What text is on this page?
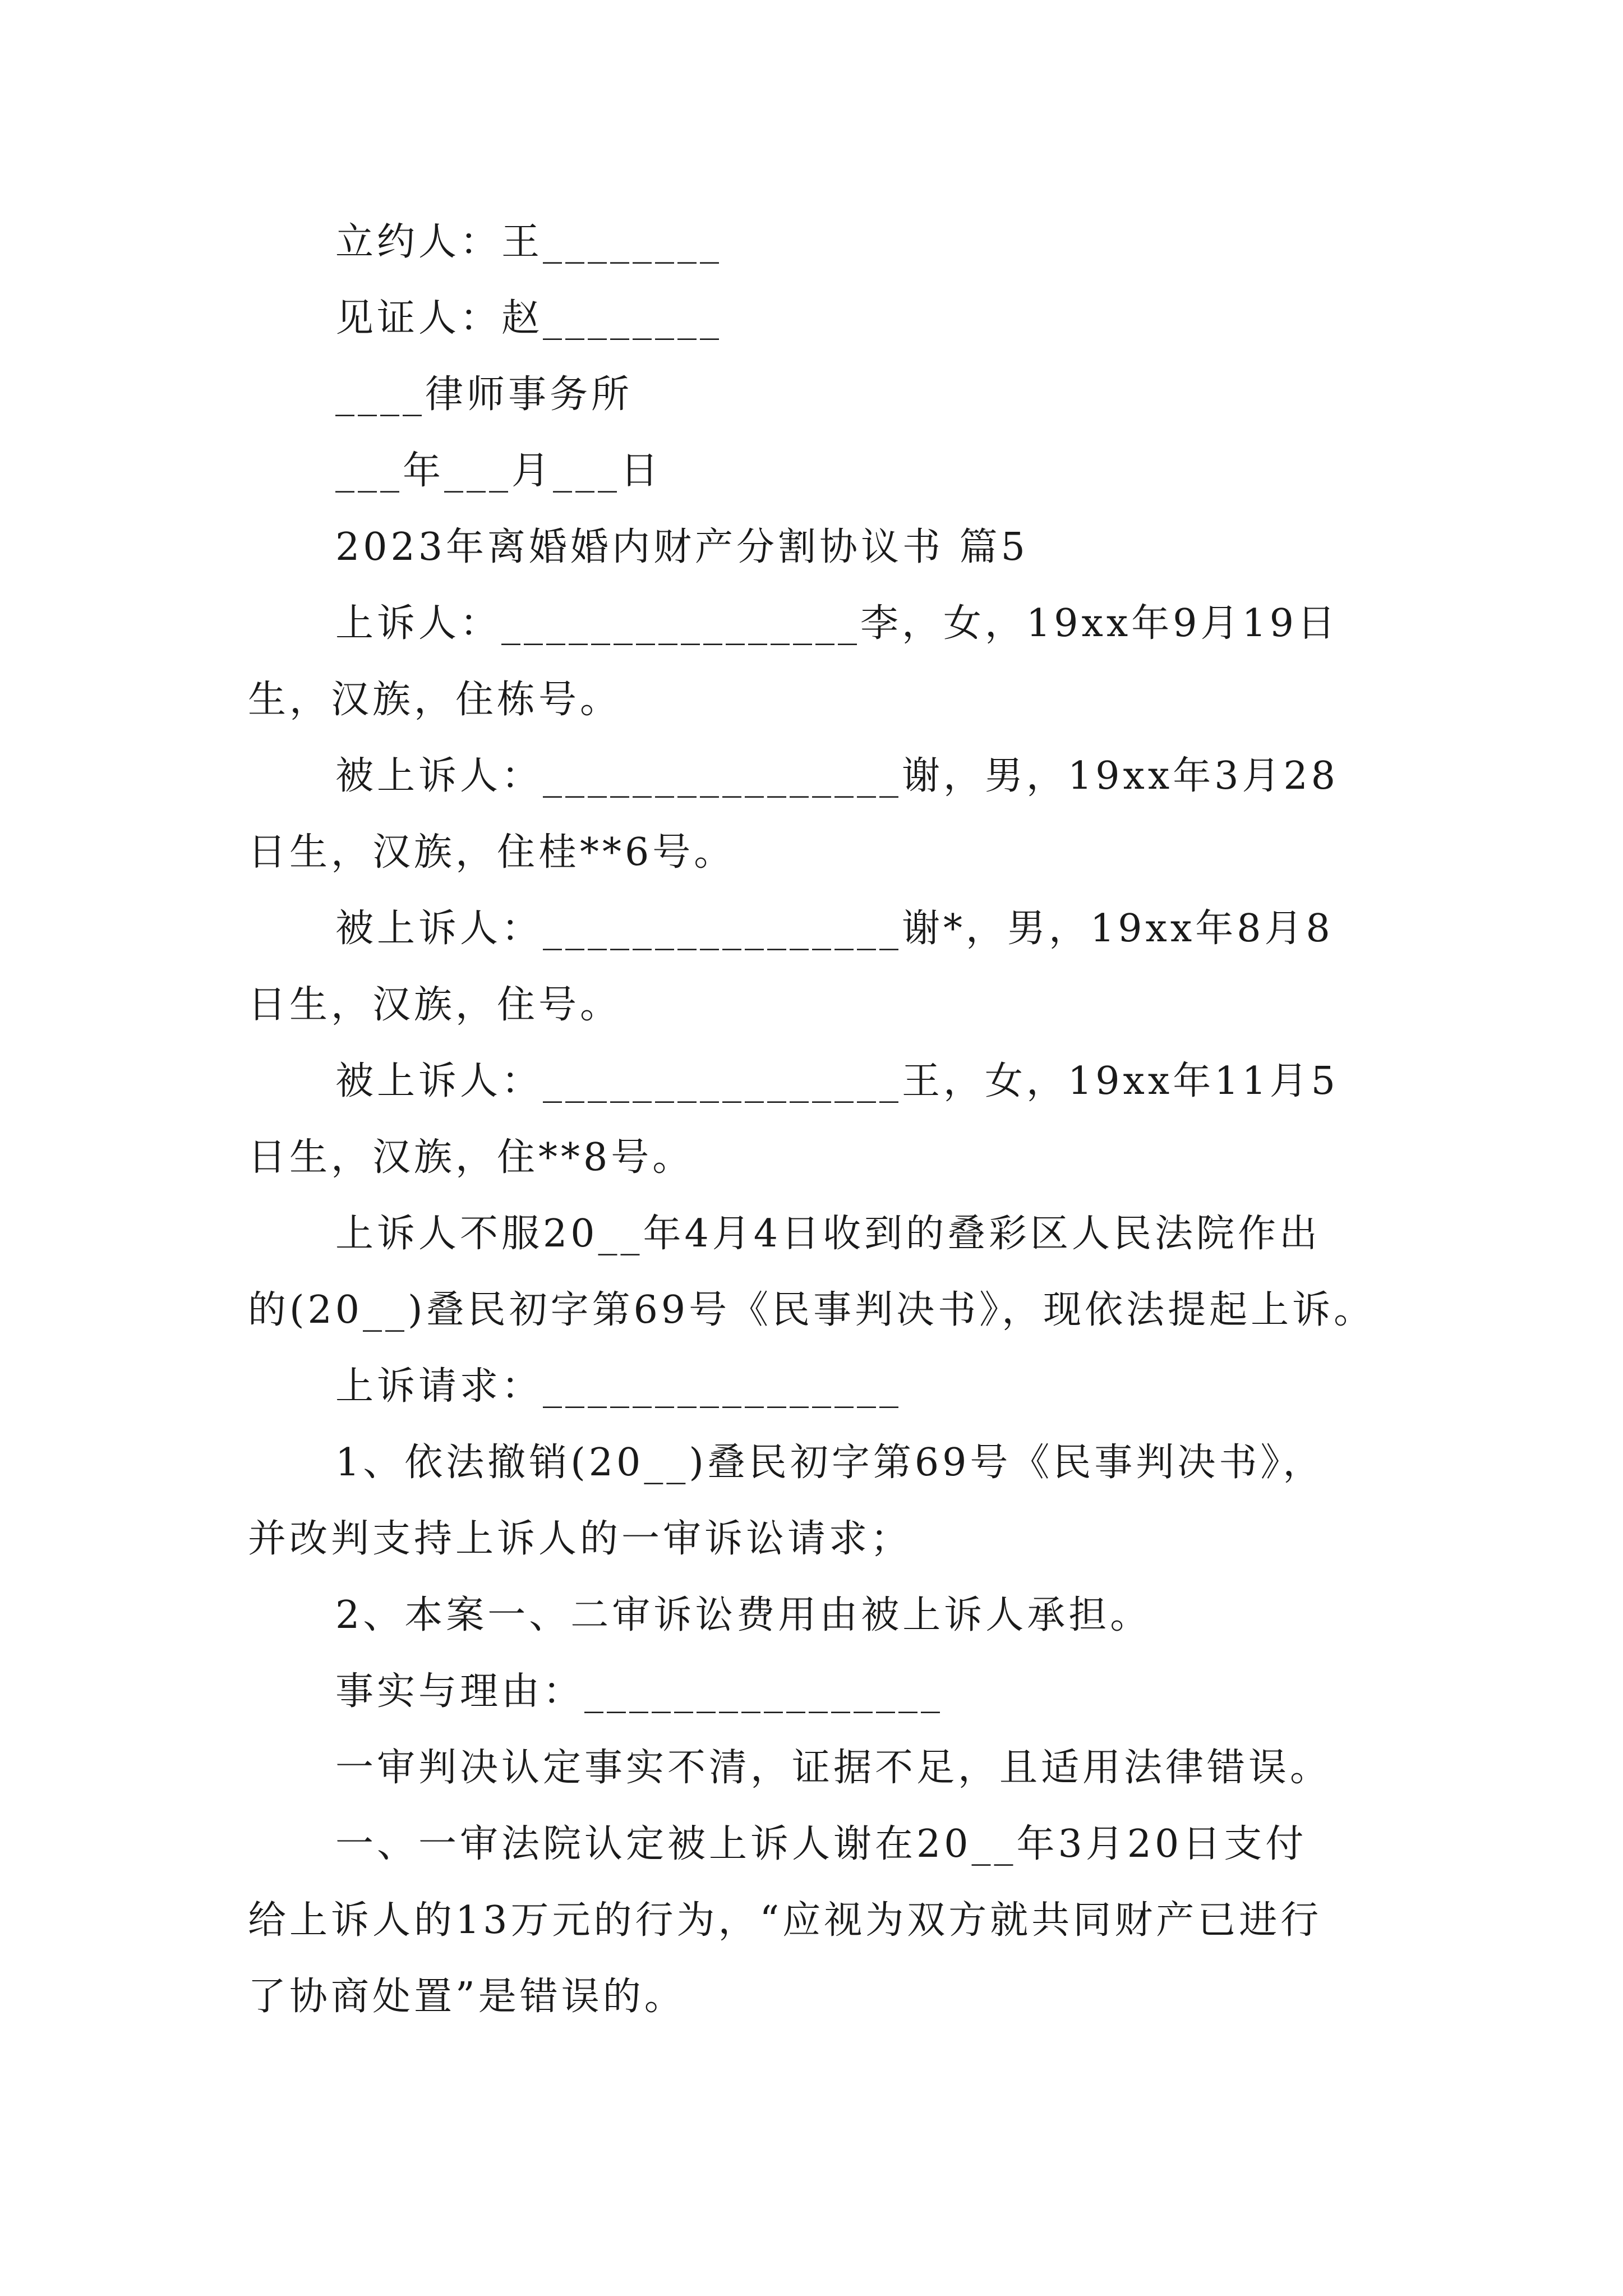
立约人：王________
见证人：赵________
____律师事务所
___年___月___日
2023年离婚婚内财产分割协议书 篇5
上诉人：________________李，女，19xx年9月19日
生，汉族，住栋号。
被上诉人：________________谢，男，19xx年3月28
日生，汉族，住桂**6号。
被上诉人：________________谢*，男，19xx年8月8
日生，汉族，住号。
被上诉人：________________王，女，19xx年11月5
日生，汉族，住**8号。
上诉人不服20__年4月4日收到的叠彩区人民法院作出
的(20__)叠民初字第69号《民事判决书》，现依法提起上诉。
上诉请求：________________
1、依法撤销(20__)叠民初字第69号《民事判决书》，
并改判支持上诉人的一审诉讼请求；
2、本案一、二审诉讼费用由被上诉人承担。
事实与理由：________________
一审判决认定事实不清，证据不足，且适用法律错误。
一、一审法院认定被上诉人谢在20__年3月20日支付
给上诉人的13万元的行为，“应视为双方就共同财产已进行
了协商处置”是错误的。
